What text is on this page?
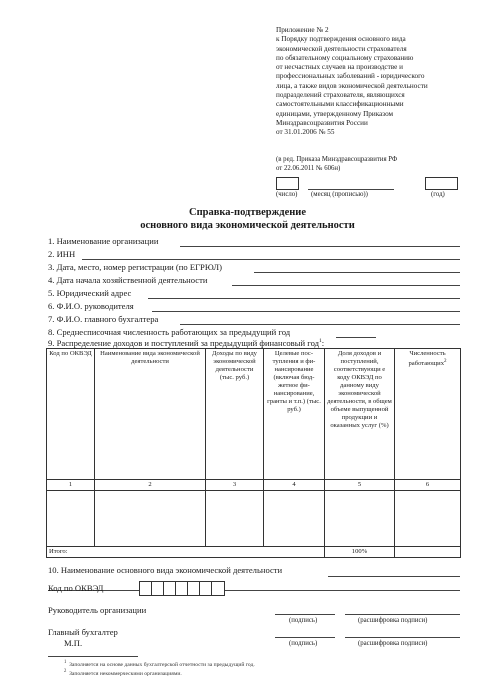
Приложение № 2
к Порядку подтверждения основного вида
экономической деятельности страхователя
по обязательному социальному страхованию
от несчастных случаев на производстве и
профессиональных заболеваний - юридического
лица, а также видов экономической деятельности
подразделений страхователя, являющихся
самостоятельными классификационными
единицами, утвержденному Приказом
Минздравсоцразвития России
от 31.01.2006 № 55
(в ред. Приказа Минздравсоцразвития РФ
от 22.06.2011 № 606н)
(число) (месяц (прописью))	(год)
Справка-подтверждение
основного вида экономической деятельности
1. Наименование организации
2. ИНН
3. Дата, место, номер регистрации (по ЕГРЮЛ)
4. Дата начала хозяйственной деятельности
5. Юридический адрес
6. Ф.И.О. руководителя
7. Ф.И.О. главного бухгалтера
8. Среднесписочная численность работающих за предыдущий год
9. Распределение доходов и поступлений за предыдущий финансовый год$^1$:
Код по ОКВЭД	Наименование вида экономической деятельности	Доходы по виду экономической деятельности (тыс. руб.)	Целевые пос- тупления и фи- нансирование (включая бюд- жетное фи- нансирование, гранты и т.п.) (тыс. руб.)	Доля доходов и поступлений, соответствующи е коду ОКВЭД по данному виду экономической деятельности, в общем объеме выпущенной продукции и оказанных услуг (%)	Численность работающих$^2$
1	2	3	4	5	6

Итого:				100%	
10. Наименование основного вида экономической деятельности
Код по ОКВЭД
Руководитель организации
(подпись)	(расшифровка подписи)
Главный бухгалтер
М.П.	(подпись)	(расшифровка подписи)
$^1$ Заполняется на основе данных бухгалтерской отчетности за предыдущий год.
$^2$ Заполняется некоммерческими организациями.
